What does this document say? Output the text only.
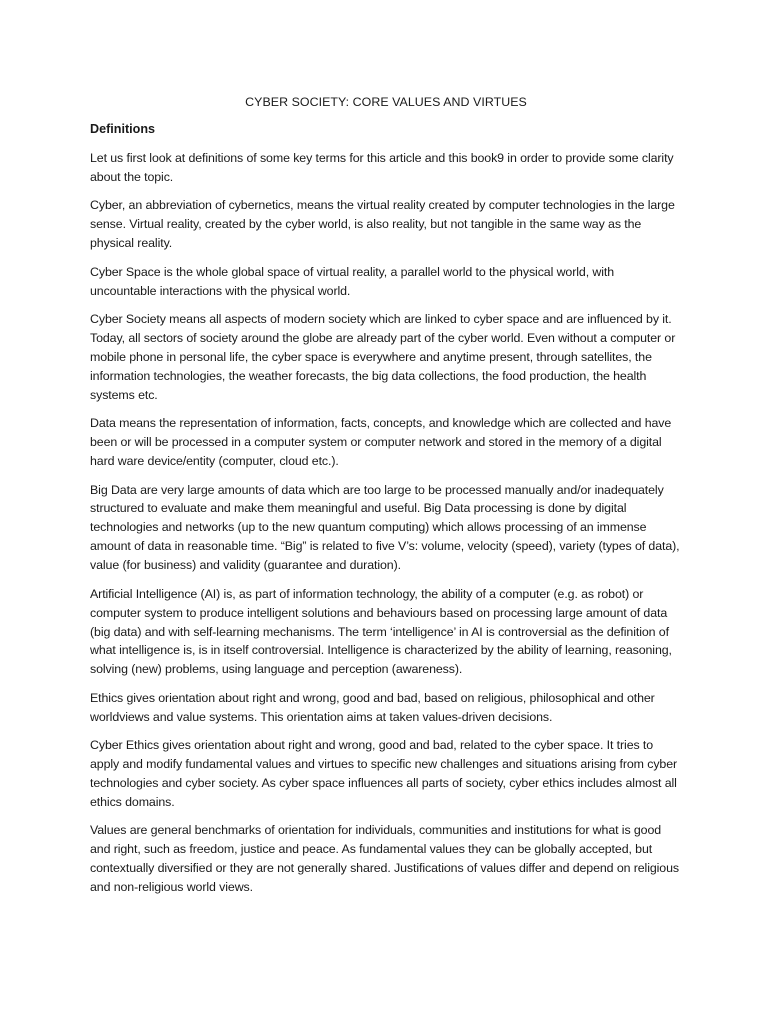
CYBER SOCIETY: CORE VALUES AND VIRTUES
Definitions

Let us first look at definitions of some key terms for this article and this book9 in order to provide some clarity about the topic.

Cyber, an abbreviation of cybernetics, means the virtual reality created by computer technologies in the large sense. Virtual reality, created by the cyber world, is also reality, but not tangible in the same way as the physical reality.

Cyber Space is the whole global space of virtual reality, a parallel world to the physical world, with uncountable interactions with the physical world.

Cyber Society means all aspects of modern society which are linked to cyber space and are influenced by it. Today, all sectors of society around the globe are already part of the cyber world. Even without a computer or mobile phone in personal life, the cyber space is everywhere and anytime present, through satellites, the information technologies, the weather forecasts, the big data collections, the food production, the health systems etc.

Data means the representation of information, facts, concepts, and knowledge which are collected and have been or will be processed in a computer system or computer network and stored in the memory of a digital hard ware device/entity (computer, cloud etc.).

Big Data are very large amounts of data which are too large to be processed manually and/or inadequately structured to evaluate and make them meaningful and useful. Big Data processing is done by digital technologies and networks (up to the new quantum computing) which allows processing of an immense amount of data in reasonable time. “Big” is related to five V’s: volume, velocity (speed), variety (types of data), value (for business) and validity (guarantee and duration).

Artificial Intelligence (AI) is, as part of information technology, the ability of a computer (e.g. as robot) or computer system to produce intelligent solutions and behaviours based on processing large amount of data (big data) and with self-learning mechanisms. The term ‘intelligence’ in AI is controversial as the definition of what intelligence is, is in itself controversial. Intelligence is characterized by the ability of learning, reasoning, solving (new) problems, using language and perception (awareness).

Ethics gives orientation about right and wrong, good and bad, based on religious, philosophical and other worldviews and value systems. This orientation aims at taken values-driven decisions.

Cyber Ethics gives orientation about right and wrong, good and bad, related to the cyber space. It tries to apply and modify fundamental values and virtues to specific new challenges and situations arising from cyber technologies and cyber society. As cyber space influences all parts of society, cyber ethics includes almost all ethics domains.

Values are general benchmarks of orientation for individuals, communities and institutions for what is good and right, such as freedom, justice and peace. As fundamental values they can be globally accepted, but contextually diversified or they are not generally shared. Justifications of values differ and depend on religious and non-religious world views.
